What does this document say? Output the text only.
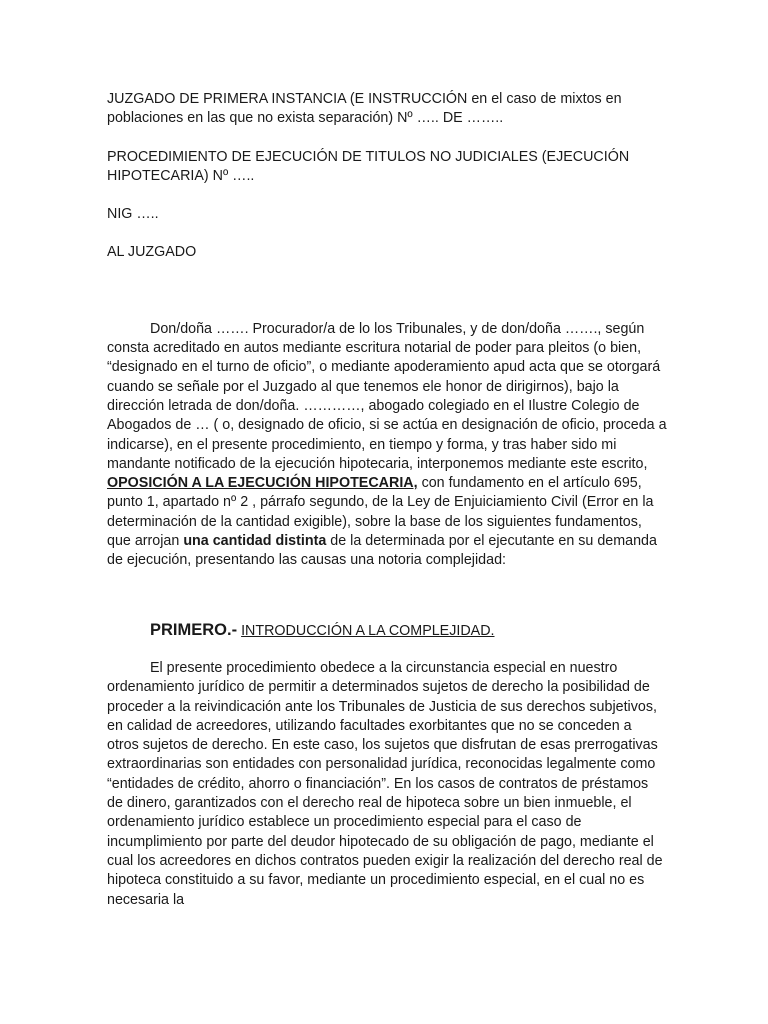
JUZGADO DE PRIMERA INSTANCIA (E INSTRUCCIÓN en el caso de mixtos en poblaciones en las que no exista separación) Nº ….. DE ……..

PROCEDIMIENTO DE EJECUCIÓN DE TITULOS NO JUDICIALES (EJECUCIÓN HIPOTECARIA) Nº …..

NIG …..

AL JUZGADO

Don/doña ……. Procurador/a de lo los Tribunales, y de don/doña ……., según consta acreditado en autos mediante escritura notarial de poder para pleitos (o bien, “designado en el turno de oficio”, o mediante apoderamiento apud acta que se otorgará cuando se señale por el Juzgado al que tenemos ele honor de dirigirnos), bajo la dirección letrada de don/doña. …………, abogado colegiado en el Ilustre Colegio de Abogados de … ( o, designado de oficio, si se actúa en designación de oficio, proceda a indicarse), en el presente procedimiento, en tiempo y forma, y tras haber sido mi mandante notificado de la ejecución hipotecaria, interponemos mediante este escrito, OPOSICIÓN A LA EJECUCIÓN HIPOTECARIA, con fundamento en el artículo 695, punto 1, apartado nº 2 , párrafo segundo, de la Ley de Enjuiciamiento Civil (Error en la determinación de la cantidad exigible), sobre la base de los siguientes fundamentos, que arrojan una cantidad distinta de la determinada por el ejecutante en su demanda de ejecución, presentando las causas una notoria complejidad:

PRIMERO.- INTRODUCCIÓN A LA COMPLEJIDAD.

El presente procedimiento obedece a la circunstancia especial en nuestro ordenamiento jurídico de permitir a determinados sujetos de derecho la posibilidad de proceder a la reivindicación ante los Tribunales de Justicia de sus derechos subjetivos, en calidad de acreedores, utilizando facultades exorbitantes que no se conceden a otros sujetos de derecho. En este caso, los sujetos que disfrutan de esas prerrogativas extraordinarias son entidades con personalidad jurídica, reconocidas legalmente como “entidades de crédito, ahorro o financiación”. En los casos de contratos de préstamos de dinero, garantizados con el derecho real de hipoteca sobre un bien inmueble, el ordenamiento jurídico establece un procedimiento especial para el caso de incumplimiento por parte del deudor hipotecado de su obligación de pago, mediante el cual los acreedores en dichos contratos pueden exigir la realización del derecho real de hipoteca constituido a su favor, mediante un procedimiento especial, en el cual no es necesaria la
